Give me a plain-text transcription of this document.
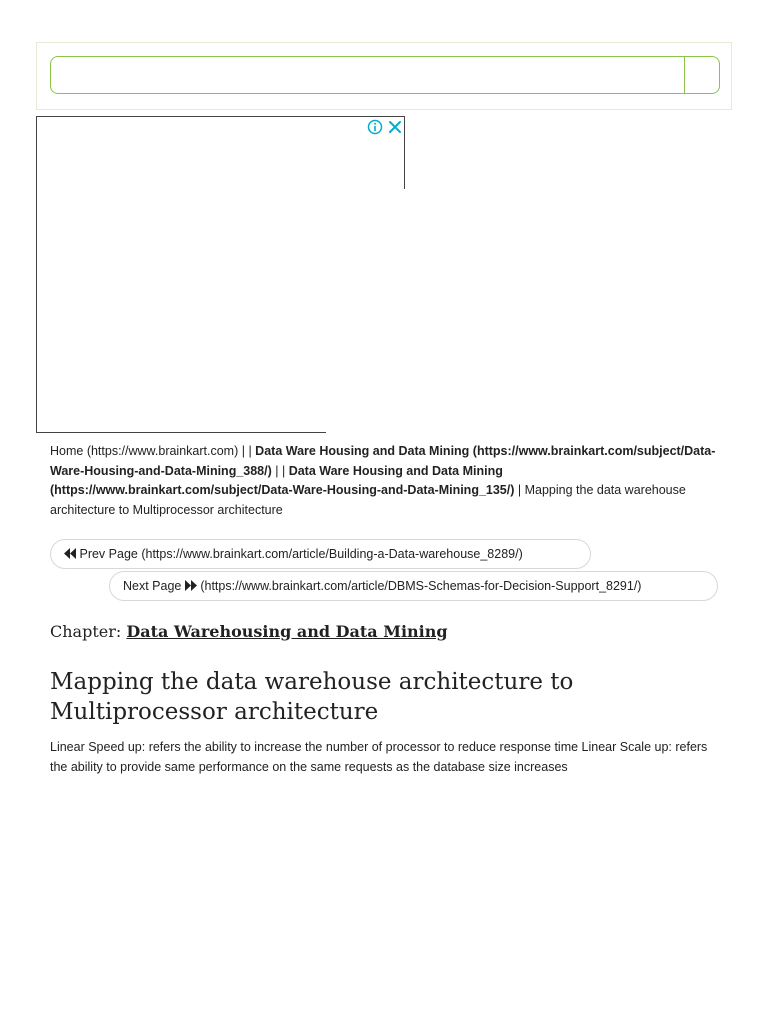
Home (https://www.brainkart.com) | | Data Ware Housing and Data Mining (https://www.brainkart.com/subject/Data-Ware-Housing-and-Data-Mining_388/) | | Data Ware Housing and Data Mining (https://www.brainkart.com/subject/Data-Ware-Housing-and-Data-Mining_135/) | Mapping the data warehouse architecture to Multiprocessor architecture
Prev Page (https://www.brainkart.com/article/Building-a-Data-warehouse_8289/)
Next Page  (https://www.brainkart.com/article/DBMS-Schemas-for-Decision-Support_8291/)
Chapter: Data Warehousing and Data Mining
Mapping the data warehouse architecture to Multiprocessor architecture

Linear Speed up: refers the ability to increase the number of processor to reduce response time Linear Scale up: refers the ability to provide same performance on the same requests as the database size increases
